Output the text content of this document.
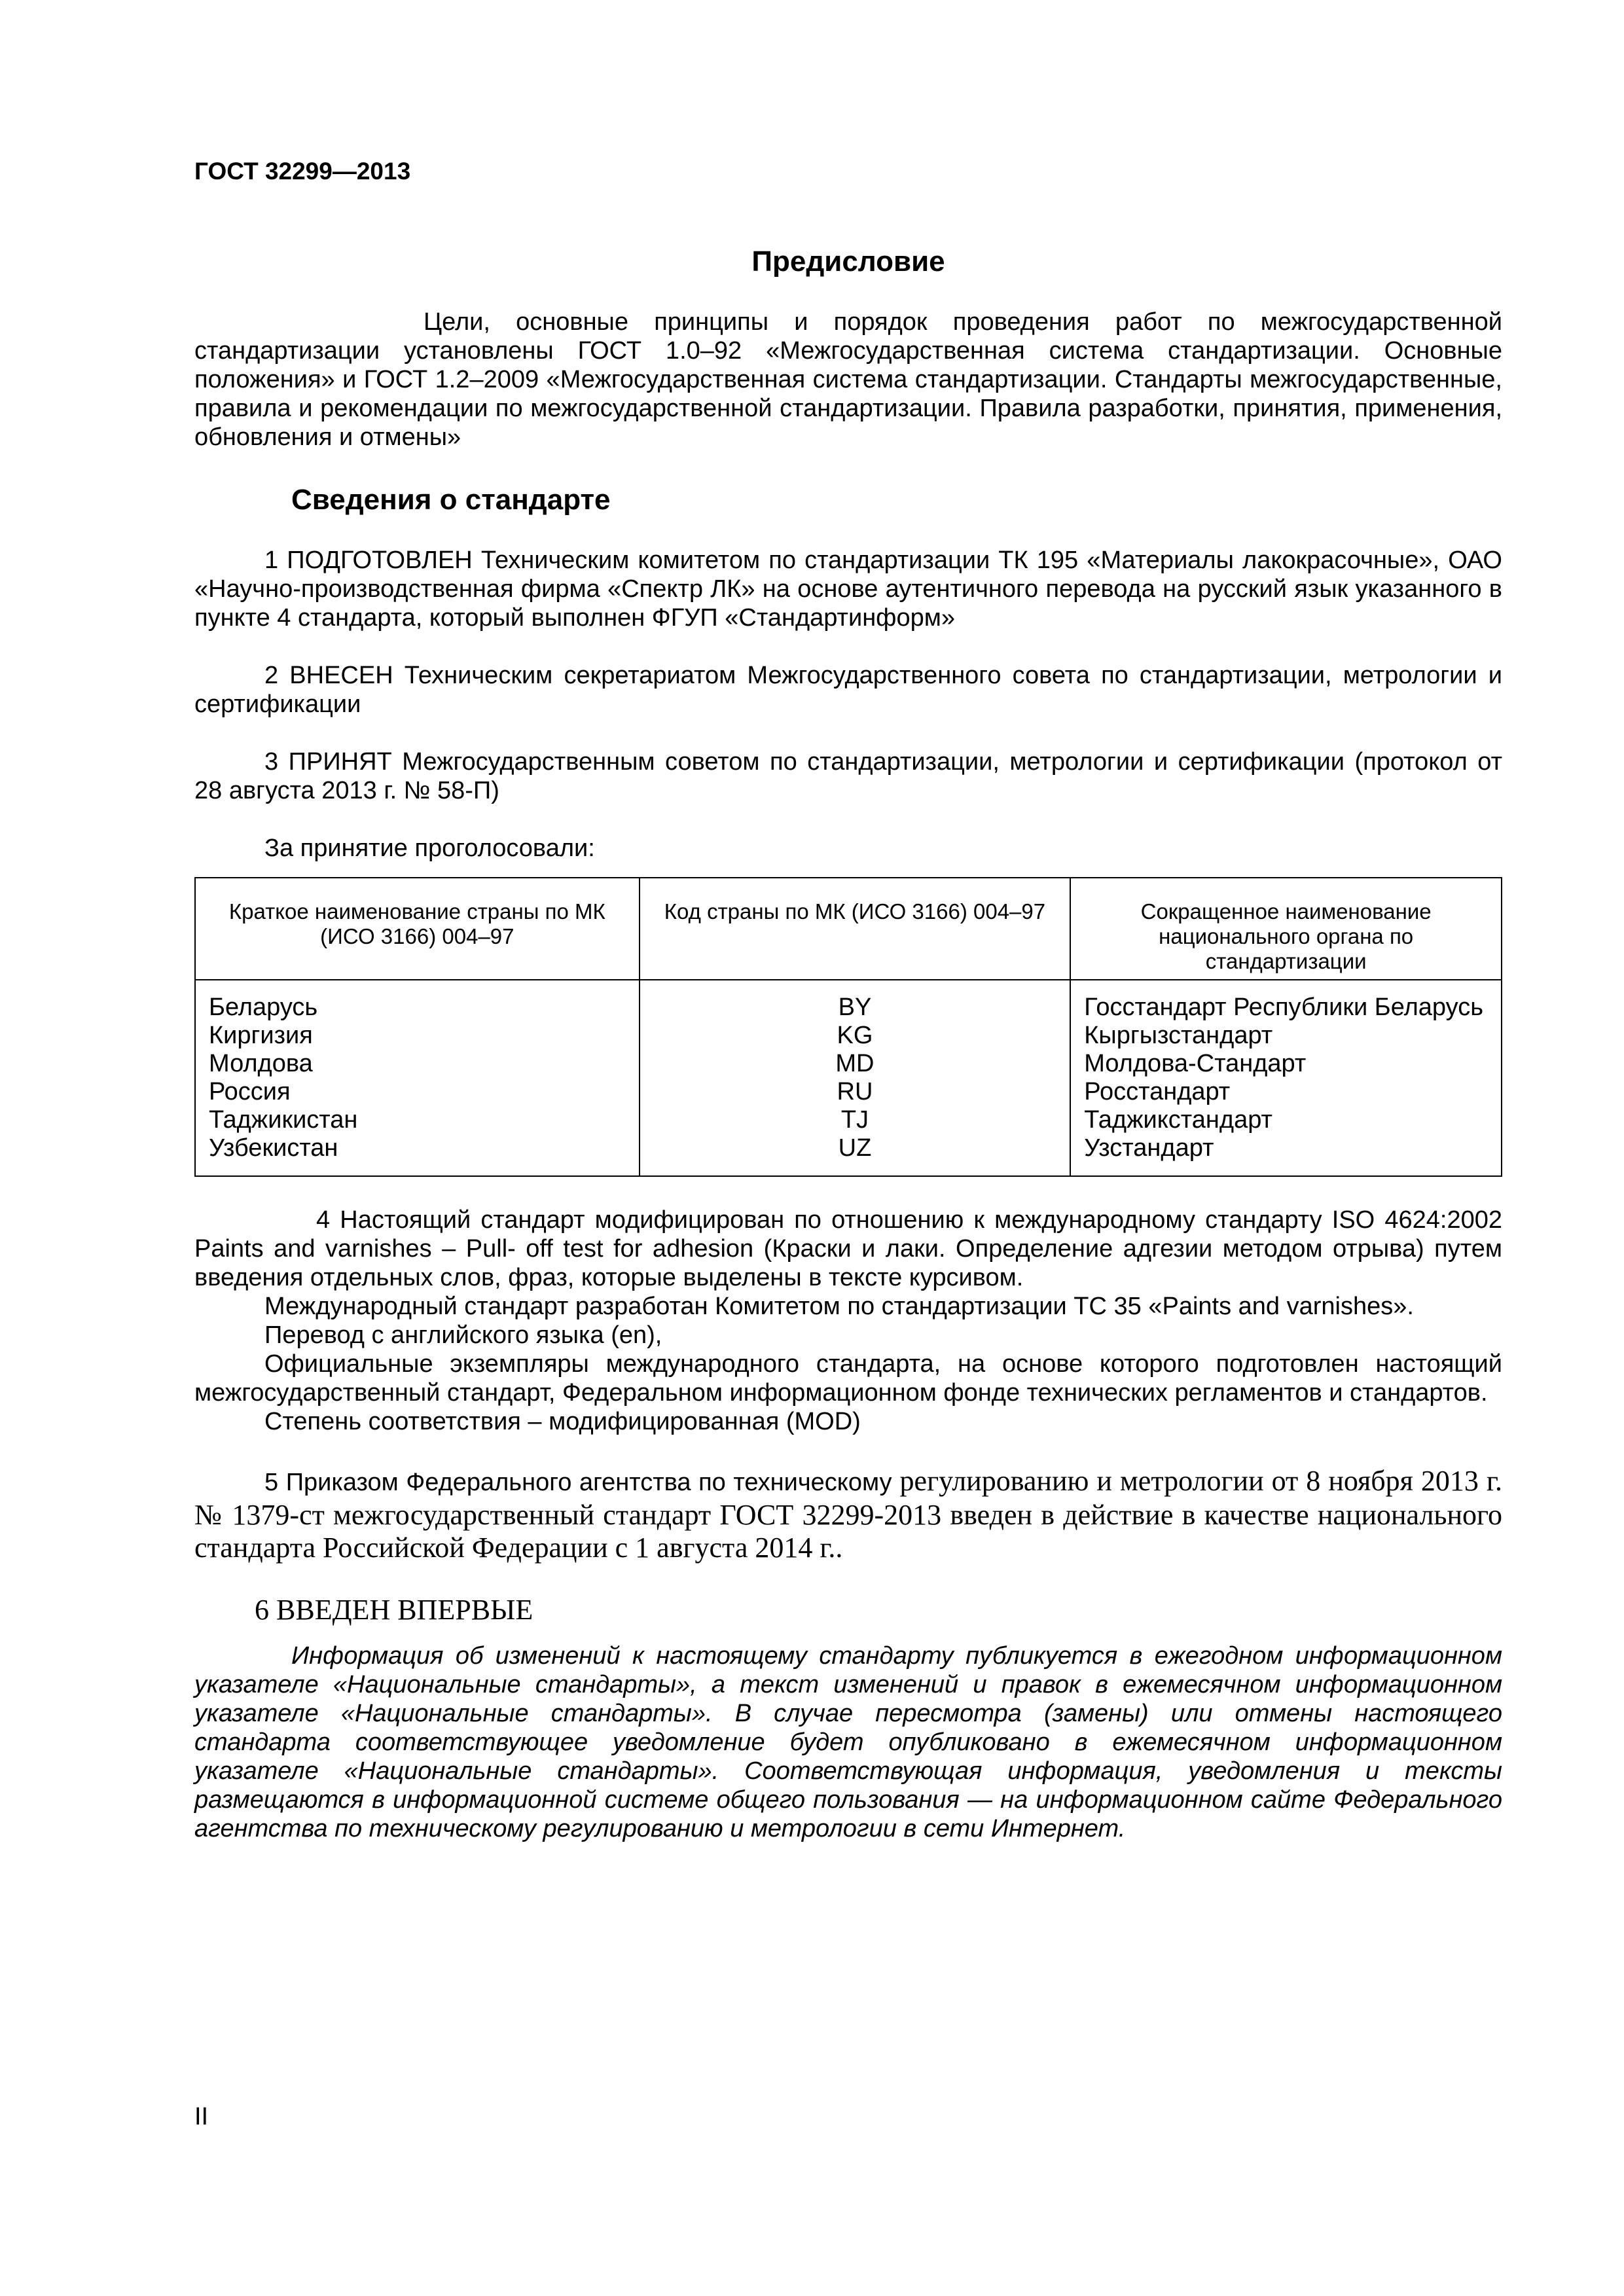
ГОСТ 32299—2013

Предисловие

Цели, основные принципы и порядок проведения работ по межгосударственной стандартизации установлены ГОСТ 1.0–92 «Межгосударственная система стандартизации. Основные положения» и ГОСТ 1.2–2009 «Межгосударственная система стандартизации. Стандарты межгосударственные, правила и рекомендации по межгосударственной стандартизации. Правила разработки, принятия, применения, обновления и отмены»

Сведения о стандарте

1 ПОДГОТОВЛЕН Техническим комитетом по стандартизации ТК 195 «Материалы лакокрасочные», ОАО «Научно-производственная фирма «Спектр ЛК» на основе аутентичного перевода на русский язык указанного в пункте 4 стандарта, который выполнен ФГУП «Стандартинформ»

2 ВНЕСЕН Техническим секретариатом Межгосударственного совета по стандартизации, метрологии и сертификации

3 ПРИНЯТ Межгосударственным советом по стандартизации, метрологии и сертификации (протокол от 28 августа 2013 г. № 58-П)

За принятие проголосовали:

Краткое наименование страны по МК (ИСО 3166) 004–97	Код страны по МК (ИСО 3166) 004–97	Сокращенное наименование национального органа по стандартизации
Беларусь	BY	Госстандарт Республики Беларусь
Киргизия	KG	Кыргызстандарт
Молдова	MD	Молдова-Стандарт
Россия	RU	Росстандарт
Таджикистан	TJ	Таджикстандарт
Узбекистан	UZ	Узстандарт

4 Настоящий стандарт модифицирован по отношению к международному стандарту ISO 4624:2002 Paints and varnishes – Pull- off test for adhesion (Краски и лаки. Определение адгезии методом отрыва) путем введения отдельных слов, фраз, которые выделены в тексте курсивом.

Международный стандарт разработан Комитетом по стандартизации ТС 35 «Paints and varnishes».

Перевод с английского языка (en),

Официальные экземпляры международного стандарта, на основе которого подготовлен настоящий межгосударственный стандарт, Федеральном информационном фонде технических регламентов и стандартов.

Степень соответствия – модифицированная (MOD)

5 Приказом Федерального агентства по техническому регулированию и метрологии от 8 ноября 2013 г. № 1379-ст межгосударственный стандарт ГОСТ 32299-2013 введен в действие в качестве национального стандарта Российской Федерации с 1 августа 2014 г..

6 ВВЕДЕН ВПЕРВЫЕ

Информация об изменений к настоящему стандарту публикуется в ежегодном информационном указателе «Национальные стандарты», а текст изменений и правок в ежемесячном информационном указателе «Национальные стандарты». В случае пересмотра (замены) или отмены настоящего стандарта соответствующее уведомление будет опубликовано в ежемесячном информационном указателе «Национальные стандарты». Соответствующая информация, уведомления и тексты размещаются в информационной системе общего пользования — на информационном сайте Федерального агентства по техническому регулированию и метрологии в сети Интернет.

II
